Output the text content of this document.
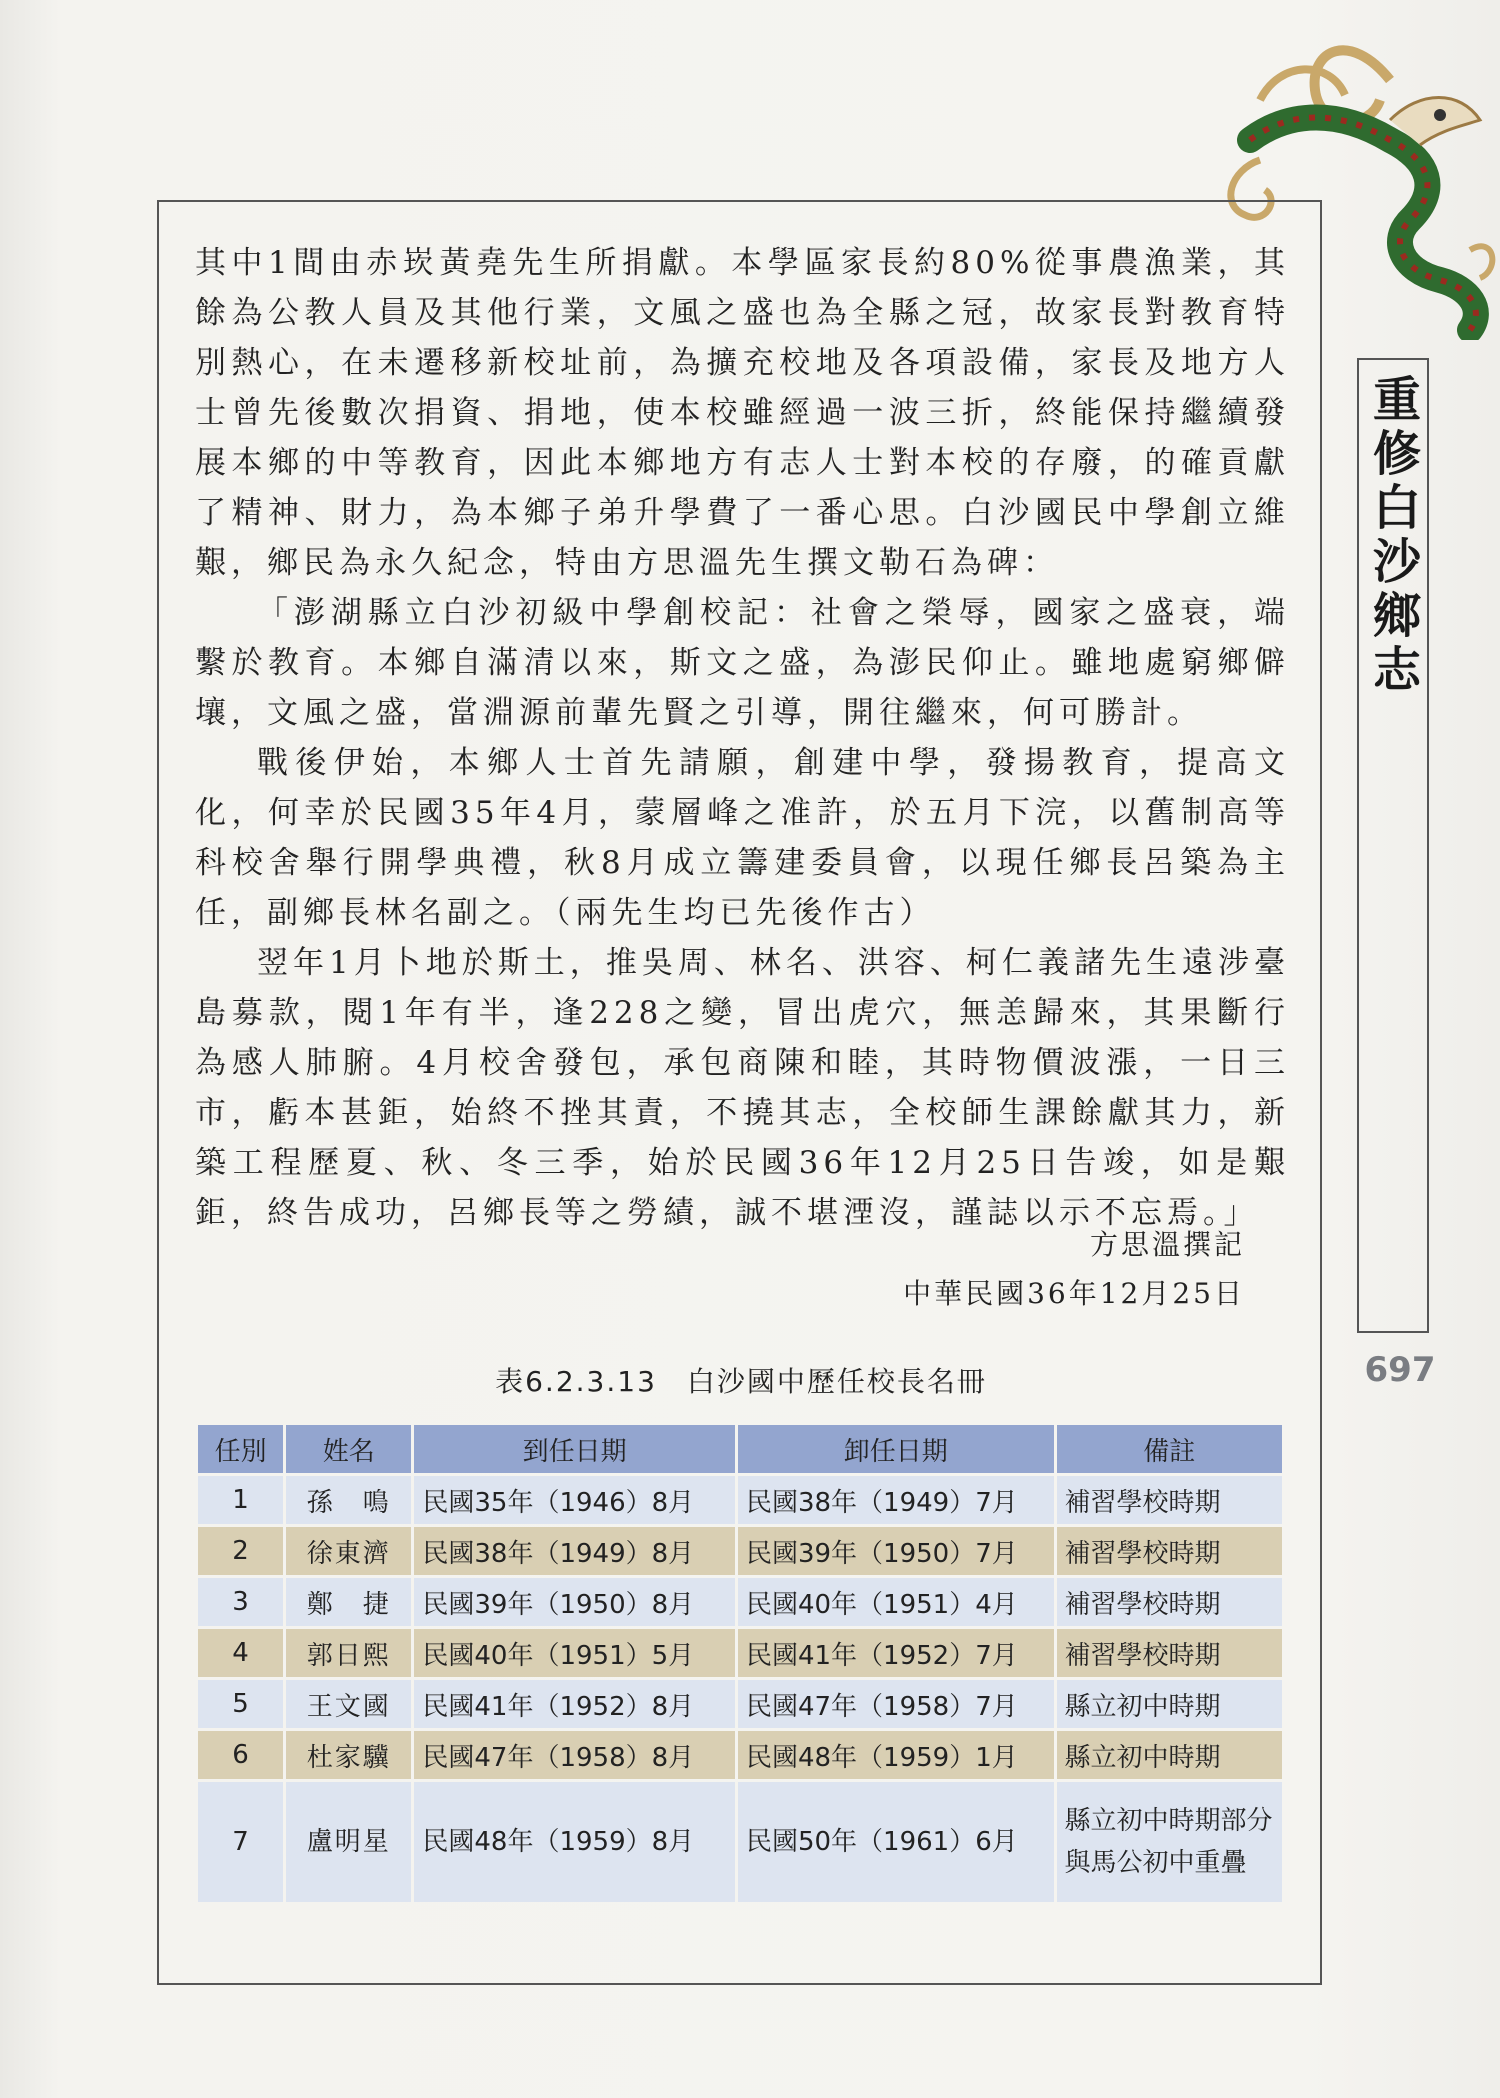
其中1間由赤崁黃堯先生所捐獻。本學區家長約80%從事農漁業，其餘為公教人員及其他行業，文風之盛也為全縣之冠，故家長對教育特別熱心，在未遷移新校址前，為擴充校地及各項設備，家長及地方人士曾先後數次捐資、捐地，使本校雖經過一波三折，終能保持繼續發展本鄉的中等教育，因此本鄉地方有志人士對本校的存廢，的確貢獻了精神、財力，為本鄉子弟升學費了一番心思。白沙國民中學創立維艱，鄉民為永久紀念，特由方思溫先生撰文勒石為碑：

「澎湖縣立白沙初級中學創校記：社會之榮辱，國家之盛衰，端繫於教育。本鄉自滿清以來，斯文之盛，為澎民仰止。雖地處窮鄉僻壤，文風之盛，當淵源前輩先賢之引導，開往繼來，何可勝計。

戰後伊始，本鄉人士首先請願，創建中學，發揚教育，提高文化，何幸於民國35年4月，蒙層峰之准許，於五月下浣，以舊制高等科校舍舉行開學典禮，秋8月成立籌建委員會，以現任鄉長呂築為主任，副鄉長林名副之。（兩先生均已先後作古）

翌年1月卜地於斯土，推吳周、林名、洪容、柯仁義諸先生遠涉臺島募款，閱1年有半，逢228之變，冒出虎穴，無恙歸來，其果斷行為感人肺腑。4月校舍發包，承包商陳和睦，其時物價波漲，一日三市，虧本甚鉅，始終不挫其責，不撓其志，全校師生課餘獻其力，新築工程歷夏、秋、冬三季，始於民國36年12月25日告竣，如是艱鉅，終告成功，呂鄉長等之勞績，誠不堪湮沒，謹誌以示不忘焉。」

方思溫撰記
中華民國36年12月25日
表6.2.3.13　白沙國中歷任校長名冊
任別	姓名	到任日期	卸任日期	備註
1	孫　鳴	民國35年（1946）8月	民國38年（1949）7月	補習學校時期
2	徐東濟	民國38年（1949）8月	民國39年（1950）7月	補習學校時期
3	鄭　捷	民國39年（1950）8月	民國40年（1951）4月	補習學校時期
4	郭日熙	民國40年（1951）5月	民國41年（1952）7月	補習學校時期
5	王文國	民國41年（1952）8月	民國47年（1958）7月	縣立初中時期
6	杜家驥	民國47年（1958）8月	民國48年（1959）1月	縣立初中時期
7	盧明星	民國48年（1959）8月	民國50年（1961）6月	縣立初中時期部分與馬公初中重疊
重修白沙鄉志
697
